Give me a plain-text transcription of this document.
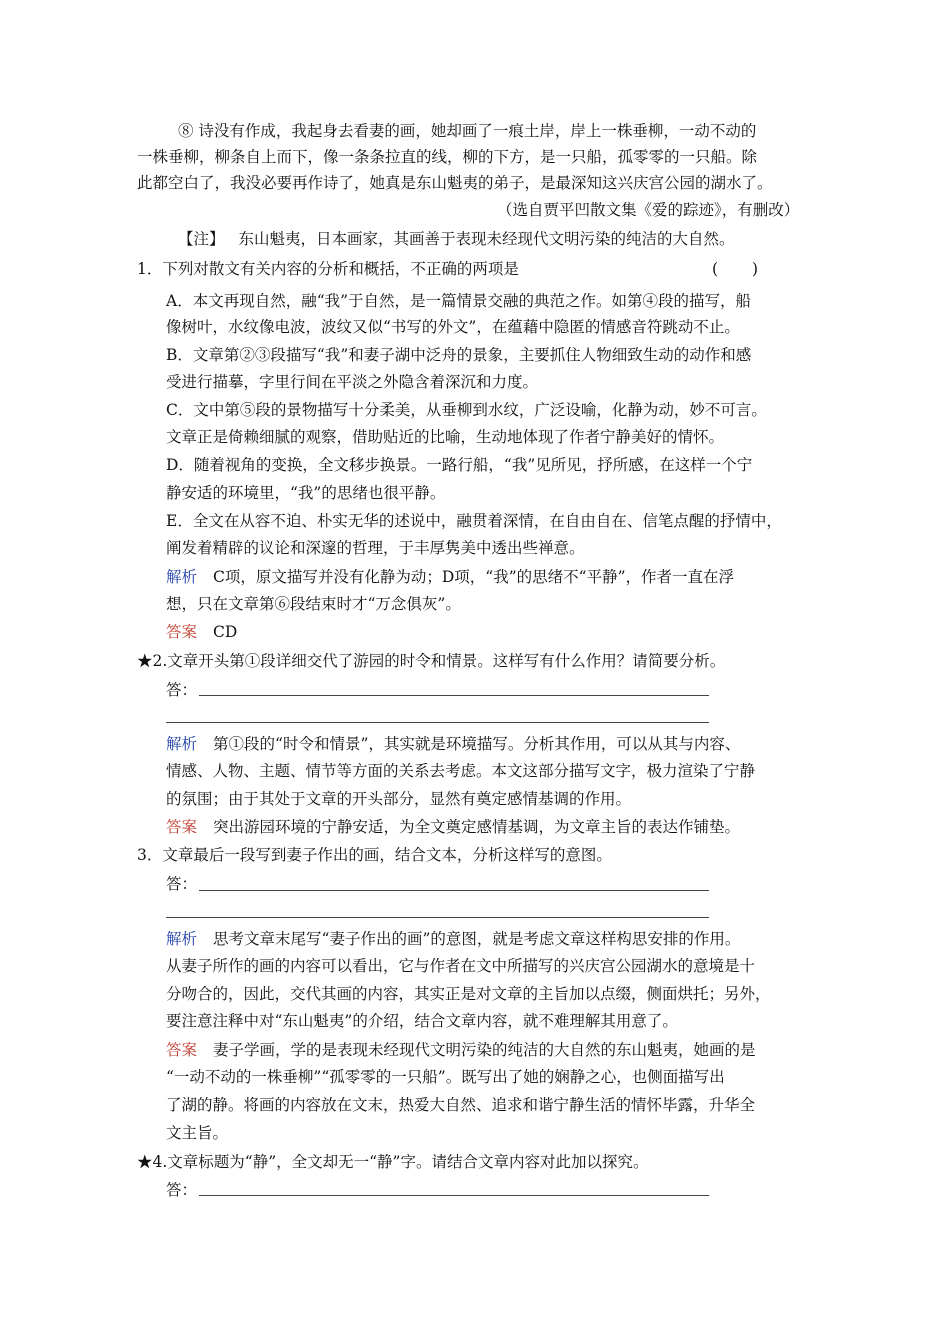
⑧ 诗没有作成，我起身去看妻的画，她却画了一痕土岸，岸上一株垂柳，一动不动的
一株垂柳，柳条自上而下，像一条条拉直的线，柳的下方，是一只船，孤零零的一只船。除
此都空白了，我没必要再作诗了，她真是东山魁夷的弟子，是最深知这兴庆宫公园的湖水了。
（选自贾平凹散文集《爱的踪迹》，有删改）
【注】 东山魁夷，日本画家，其画善于表现未经现代文明污染的纯洁的大自然。
1．下列对散文有关内容的分析和概括，不正确的两项是	(　　)
A．本文再现自然，融“我”于自然，是一篇情景交融的典范之作。如第④段的描写，船
像树叶，水纹像电波，波纹又似“书写的外文”，在蕴藉中隐匿的情感音符跳动不止。
B．文章第②③段描写“我”和妻子湖中泛舟的景象，主要抓住人物细致生动的动作和感
受进行描摹，字里行间在平淡之外隐含着深沉和力度。
C．文中第⑤段的景物描写十分柔美，从垂柳到水纹，广泛设喻，化静为动，妙不可言。
文章正是倚赖细腻的观察，借助贴近的比喻，生动地体现了作者宁静美好的情怀。
D．随着视角的变换，全文移步换景。一路行船，“我”见所见，抒所感，在这样一个宁
静安适的环境里，“我”的思绪也很平静。
E．全文在从容不迫、朴实无华的述说中，融贯着深情，在自由自在、信笔点醒的抒情中，
阐发着精辟的议论和深邃的哲理，于丰厚隽美中透出些禅意。
解析 C项，原文描写并没有化静为动；D项，“我”的思绪不“平静”，作者一直在浮
想，只在文章第⑥段结束时才“万念俱灰”。
答案 CD
★2.文章开头第①段详细交代了游园的时令和情景。这样写有什么作用？请简要分析。
答：
解析 第①段的“时令和情景”，其实就是环境描写。分析其作用，可以从其与内容、
情感、人物、主题、情节等方面的关系去考虑。本文这部分描写文字，极力渲染了宁静
的氛围；由于其处于文章的开头部分，显然有奠定感情基调的作用。
答案 突出游园环境的宁静安适，为全文奠定感情基调，为文章主旨的表达作铺垫。
3．文章最后一段写到妻子作出的画，结合文本，分析这样写的意图。
答：
解析 思考文章末尾写“妻子作出的画”的意图，就是考虑文章这样构思安排的作用。
从妻子所作的画的内容可以看出，它与作者在文中所描写的兴庆宫公园湖水的意境是十
分吻合的，因此，交代其画的内容，其实正是对文章的主旨加以点缀，侧面烘托；另外，
要注意注释中对“东山魁夷”的介绍，结合文章内容，就不难理解其用意了。
答案 妻子学画，学的是表现未经现代文明污染的纯洁的大自然的东山魁夷，她画的是
“一动不动的一株垂柳”“孤零零的一只船”。既写出了她的娴静之心，也侧面描写出
了湖的静。将画的内容放在文末，热爱大自然、追求和谐宁静生活的情怀毕露，升华全
文主旨。
★4.文章标题为“静”，全文却无一“静”字。请结合文章内容对此加以探究。
答：
